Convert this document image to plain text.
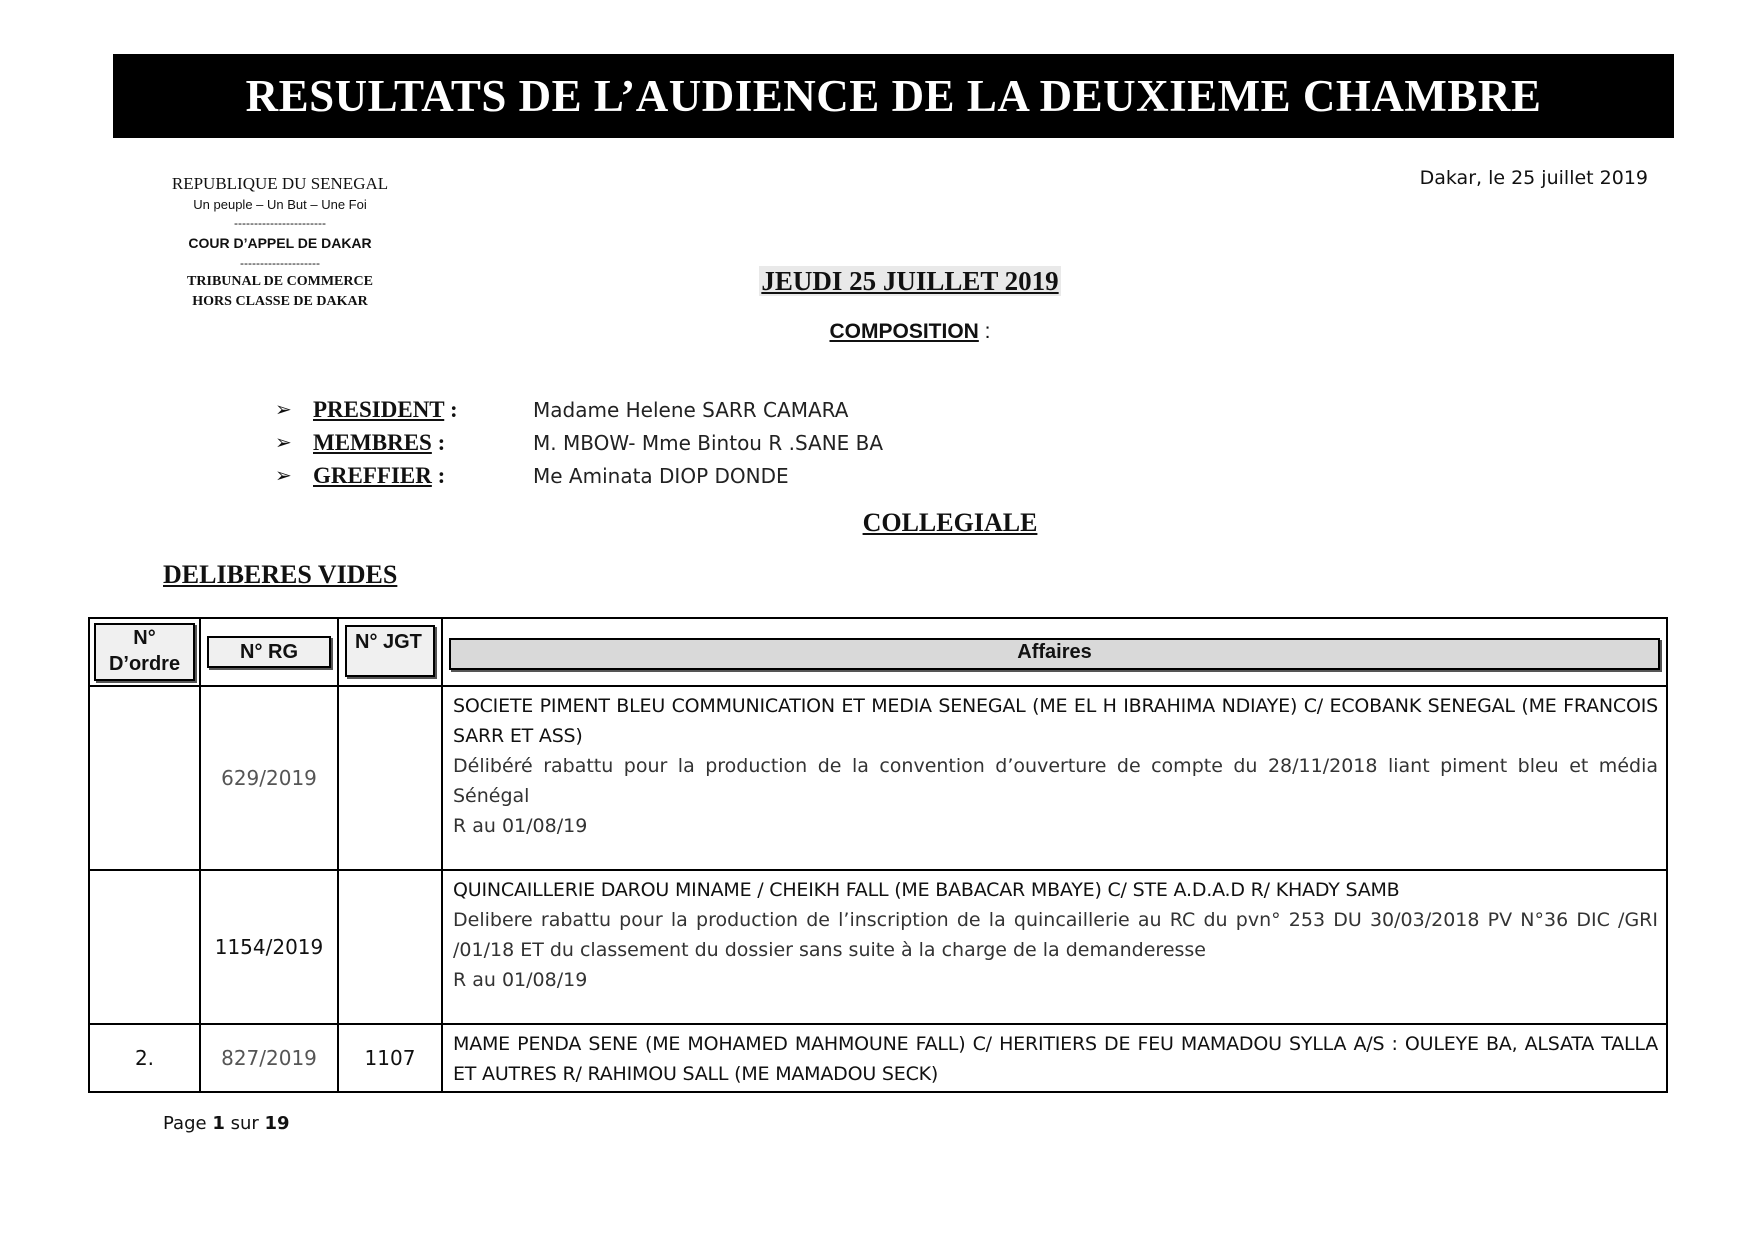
RESULTATS DE L’AUDIENCE DE LA DEUXIEME CHAMBRE
REPUBLIQUE DU SENEGAL
Un peuple – Un But – Une Foi
-----------------------
COUR D’APPEL DE DAKAR
--------------------
TRIBUNAL DE COMMERCE
HORS CLASSE DE DAKAR
Dakar, le 25 juillet 2019
JEUDI 25 JUILLET 2019
COMPOSITION :
➢ PRESIDENT :	Madame Helene SARR CAMARA
➢ MEMBRES :	M. MBOW- Mme Bintou R .SANE BA
➢ GREFFIER :	Me Aminata DIOP DONDE
COLLEGIALE
DELIBERES VIDES
N° D’ordre	N° RG	N° JGT	Affaires

	629/2019		SOCIETE PIMENT BLEU COMMUNICATION ET MEDIA SENEGAL (ME EL H IBRAHIMA NDIAYE) C/ ECOBANK SENEGAL (ME FRANCOIS SARR ET ASS)
Délibéré rabattu pour la production de la convention d’ouverture de compte du 28/11/2018 liant piment bleu et média Sénégal
R au 01/08/19

	1154/2019		QUINCAILLERIE DAROU MINAME / CHEIKH FALL (ME BABACAR MBAYE) C/ STE A.D.A.D R/ KHADY SAMB
Delibere rabattu pour la production de l’inscription de la quincaillerie au RC du pvn° 253 DU 30/03/2018 PV N°36 DIC /GRI /01/18 ET du classement du dossier sans suite à la charge de la demanderesse
R au 01/08/19

2.	827/2019	1107	MAME PENDA SENE (ME MOHAMED MAHMOUNE FALL) C/ HERITIERS DE FEU MAMADOU SYLLA A/S : OULEYE BA, ALSATA TALLA ET AUTRES R/ RAHIMOU SALL (ME MAMADOU SECK)
Page 1 sur 19
